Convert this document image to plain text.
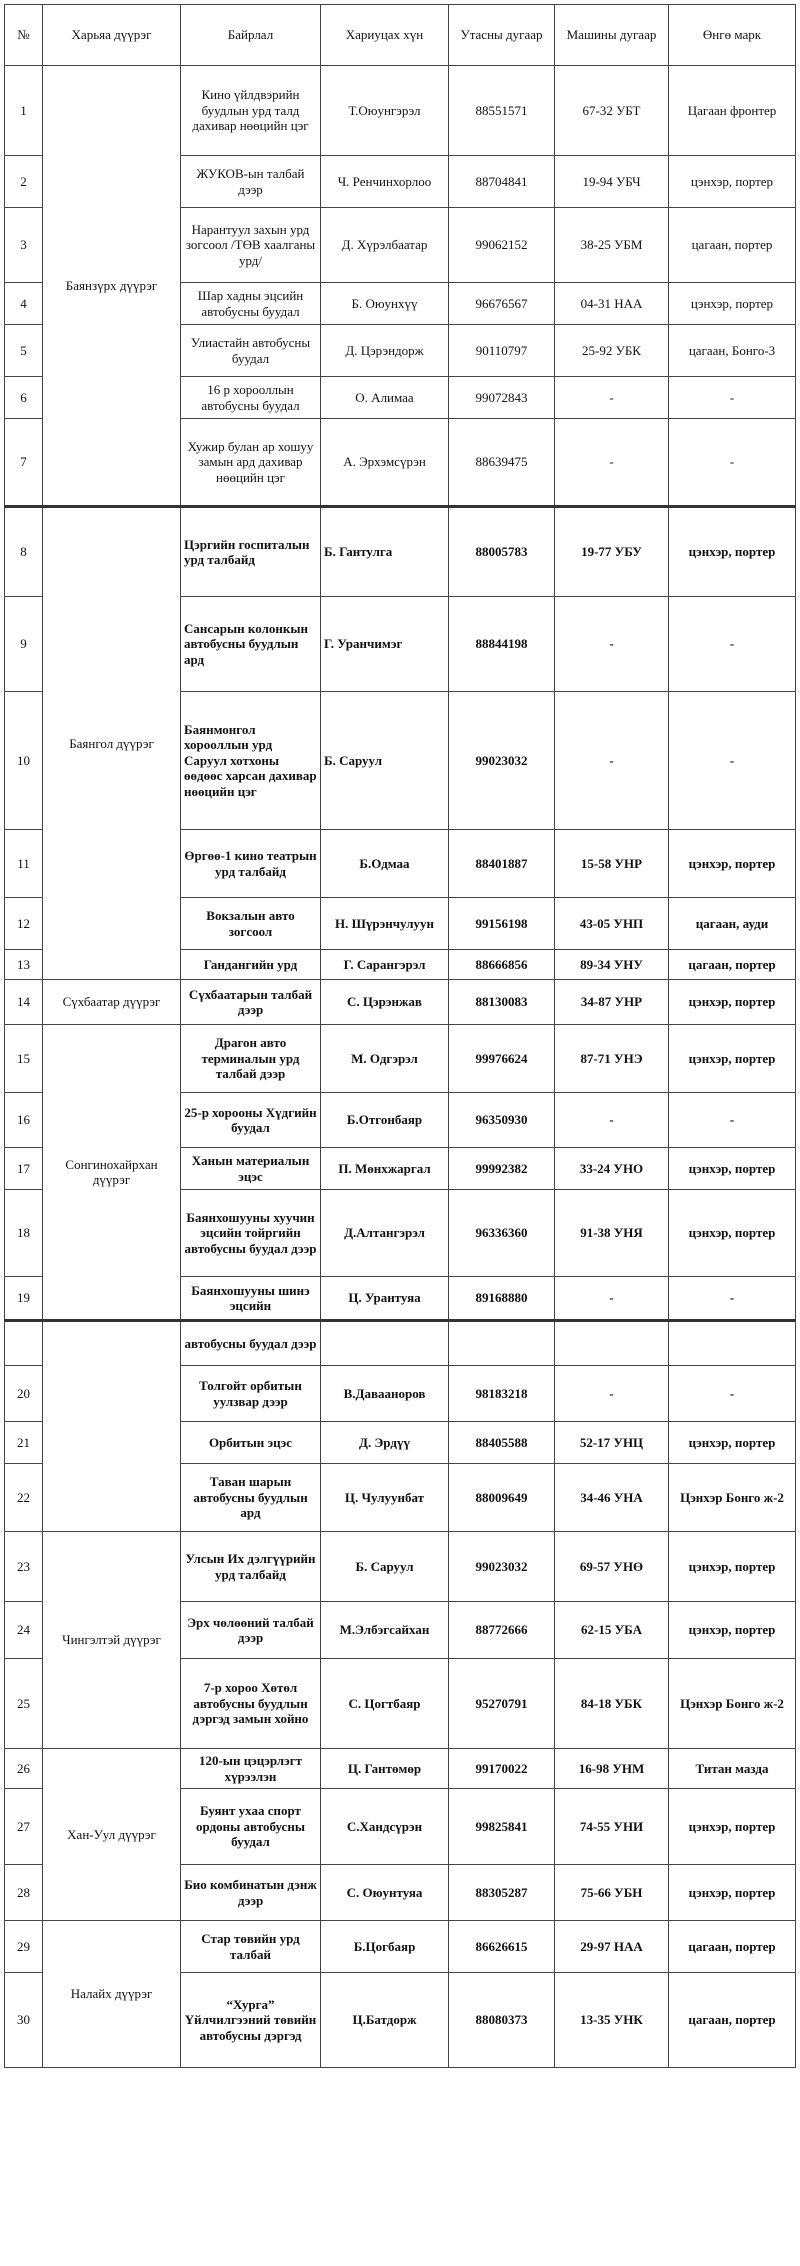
№	Харьяа дүүрэг	Байрлал	Хариуцах хүн	Утасны дугаар	Машины дугаар	Өнгө марк
1	Баянзүрх дүүрэг	Кино үйлдвэрийн буудлын урд талд дахивар нөөцийн цэг	Т.Оюунгэрэл	88551571	67-32 УБТ	Цагаан фронтер
2		ЖУКОВ-ын талбай дээр	Ч. Ренчинхорлоо	88704841	19-94 УБЧ	цэнхэр, портер
3		Нарантуул захын урд зогсоол /ТӨВ хаалганы урд/	Д. Хүрэлбаатар	99062152	38-25 УБМ	цагаан, портер
4		Шар хадны эцсийн автобусны буудал	Б. Оюунхүү	96676567	04-31 НАА	цэнхэр, портер
5		Улиастайн автобусны буудал	Д. Цэрэндорж	90110797	25-92 УБК	цагаан, Бонго-3
6		16 р хорооллын автобусны буудал	О. Алимаа	99072843	-	-
7		Хужир булан ар хошуу замын ард дахивар нөөцийн цэг	А. Эрхэмсүрэн	88639475	-	-
8	Баянгол дүүрэг	Цэргийн госпиталын урд талбайд	Б. Гантулга	88005783	19-77 УБУ	цэнхэр, портер
9		Сансарын колонкын автобусны буудлын ард	Г. Уранчимэг	88844198	-	-
10		Баянмонгол хорооллын урд Саруул хотхоны өөдөөс харсан дахивар нөөцийн цэг	Б. Саруул	99023032	-	-
11		Өргөө-1 кино театрын урд талбайд	Б.Одмаа	88401887	15-58 УНР	цэнхэр, портер
12		Вокзалын авто зогсоол	Н. Шүрэнчулуун	99156198	43-05 УНП	цагаан, ауди
13		Гандангийн урд	Г. Сарангэрэл	88666856	89-34 УНУ	цагаан, портер
14	Сүхбаатар дүүрэг	Сүхбаатарын талбай дээр	С. Цэрэнжав	88130083	34-87 УНР	цэнхэр, портер
15	Сонгинохайрхан дүүрэг	Драгон авто терминалын урд талбай дээр	М. Одгэрэл	99976624	87-71 УНЭ	цэнхэр, портер
16		25-р хорооны Хүдгийн буудал	Б.Отгонбаяр	96350930	-	-
17		Ханын материалын эцэс	П. Мөнхжаргал	99992382	33-24 УНО	цэнхэр, портер
18		Баянхошууны хуучин эцсийн тойргийн автобусны буудал дээр	Д.Алтангэрэл	96336360	91-38 УНЯ	цэнхэр, портер
19		Баянхошууны шинэ эцсийн	Ц. Урантуяа	89168880	-	-
		автобусны буудал дээр				
20		Толгойт орбитын уулзвар дээр	В.Давааноров	98183218	-	-
21		Орбитын эцэс	Д. Эрдүү	88405588	52-17 УНЦ	цэнхэр, портер
22		Таван шарын автобусны буудлын ард	Ц. Чулуунбат	88009649	34-46 УНА	Цэнхэр Бонго ж-2
23	Чингэлтэй дүүрэг	Улсын Их дэлгүүрийн урд талбайд	Б. Саруул	99023032	69-57 УНӨ	цэнхэр, портер
24		Эрх чөлөөний талбай дээр	М.Элбэгсайхан	88772666	62-15 УБА	цэнхэр, портер
25		7-р хороо Хөтөл автобусны буудлын дэргэд замын хойно	С. Цогтбаяр	95270791	84-18 УБК	Цэнхэр Бонго ж-2
26	Хан-Уул дүүрэг	120-ын цэцэрлэгт хүрээлэн	Ц. Гантөмөр	99170022	16-98 УНМ	Титан мазда
27		Буянт ухаа спорт ордоны автобусны буудал	С.Хандсүрэн	99825841	74-55 УНИ	цэнхэр, портер
28		Био комбинатын дэнж дээр	С. Оюунтуяа	88305287	75-66 УБН	цэнхэр, портер
29	Налайх дүүрэг	Стар төвийн урд талбай	Б.Цогбаяр	86626615	29-97 НАА	цагаан, портер
30		“Хурга” Үйлчилгээний төвийн автобусны дэргэд	Ц.Батдорж	88080373	13-35 УНК	цагаан, портер
